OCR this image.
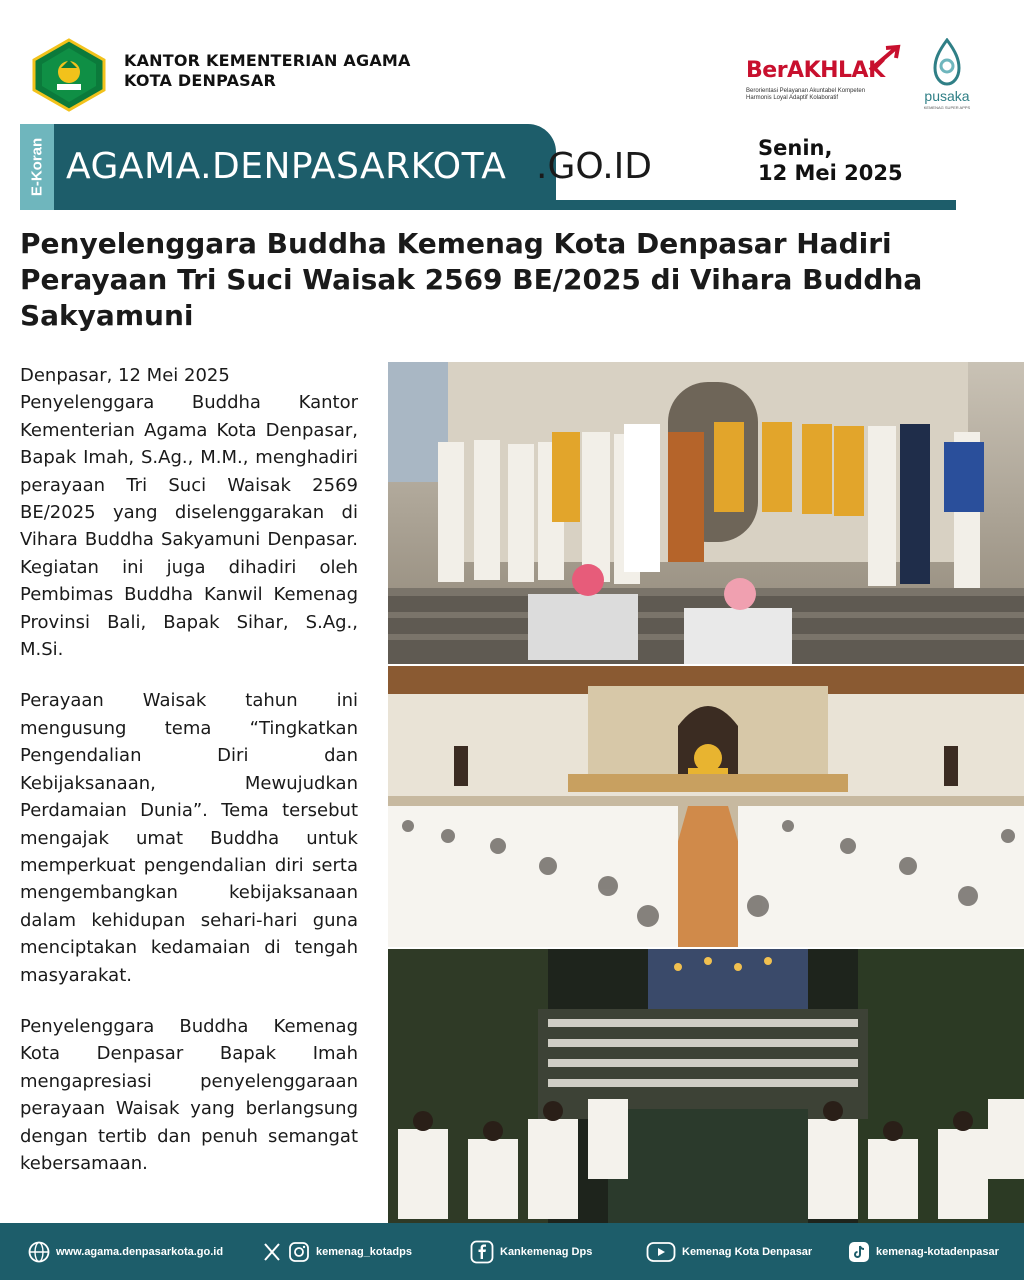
KANTOR KEMENTERIAN AGAMA
KOTA DENPASAR	BerAKHLAK
Berorientasi Pelayanan Akuntabel Kompeten
Harmonis Loyal Adaptif Kolaboratif	pusaka
KEMENAG SUPER APPS
E-Koran AGAMA.DENPASARKOTA .GO.ID	Senin,
12 Mei 2025
Penyelenggara Buddha Kemenag Kota Denpasar Hadiri Perayaan Tri Suci Waisak 2569 BE/2025 di Vihara Buddha Sakyamuni
Denpasar, 12 Mei 2025

Penyelenggara Buddha Kantor Kementerian Agama Kota Denpasar, Bapak Imah, S.Ag., M.M., menghadiri perayaan Tri Suci Waisak 2569 BE/2025 yang diselenggarakan di Vihara Buddha Sakyamuni Denpasar. Kegiatan ini juga dihadiri oleh Pembimas Buddha Kanwil Kemenag Provinsi Bali, Bapak Sihar, S.Ag., M.Si.

Perayaan Waisak tahun ini mengusung tema “Tingkatkan Pengendalian Diri dan Kebijaksanaan, Mewujudkan Perdamaian Dunia”. Tema tersebut mengajak umat Buddha untuk memperkuat pengendalian diri serta mengembangkan kebijaksanaan dalam kehidupan sehari-hari guna menciptakan kedamaian di tengah masyarakat.

Penyelenggara Buddha Kemenag Kota Denpasar Bapak Imah mengapresiasi penyelenggaraan perayaan Waisak yang berlangsung dengan tertib dan penuh semangat kebersamaan.

www.agama.denpasarkota.go.id	kemenag_kotadps	Kankemenag Dps	Kemenag Kota Denpasar	kemenag-kotadenpasar
